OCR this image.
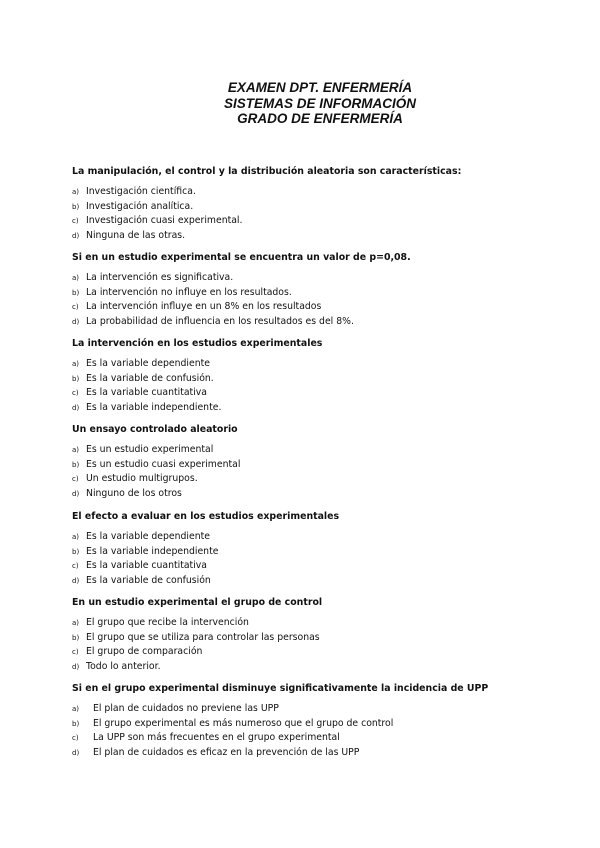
EXAMEN DPT. ENFERMERÍA
SISTEMAS DE INFORMACIÓN
GRADO DE ENFERMERÍA
La manipulación, el control y la distribución aleatoria son características:
a) Investigación científica.
b) Investigación analítica.
c) Investigación cuasi experimental.
d) Ninguna de las otras.
Si en un estudio experimental se encuentra un valor de p=0,08.
a) La intervención es significativa.
b) La intervención no influye en los resultados.
c) La intervención influye en un 8% en los resultados
d) La probabilidad de influencia en los resultados es del 8%.
La intervención en los estudios experimentales
a) Es la variable dependiente
b) Es la variable de confusión.
c) Es la variable cuantitativa
d) Es la variable independiente.
Un ensayo controlado aleatorio
a) Es un estudio experimental
b) Es un estudio cuasi experimental
c) Un estudio multigrupos.
d) Ninguno de los otros
El efecto a evaluar en los estudios experimentales
a) Es la variable dependiente
b) Es la variable independiente
c) Es la variable cuantitativa
d) Es la variable de confusión
En un estudio experimental el grupo de control
a) El grupo que recibe la intervención
b) El grupo que se utiliza para controlar las personas
c) El grupo de comparación
d) Todo lo anterior.
Si en el grupo experimental disminuye significativamente la incidencia de UPP
a) El plan de cuidados no previene las UPP
b) El grupo experimental es más numeroso que el grupo de control
c) La UPP son más frecuentes en el grupo experimental
d) El plan de cuidados es eficaz en la prevención de las UPP
